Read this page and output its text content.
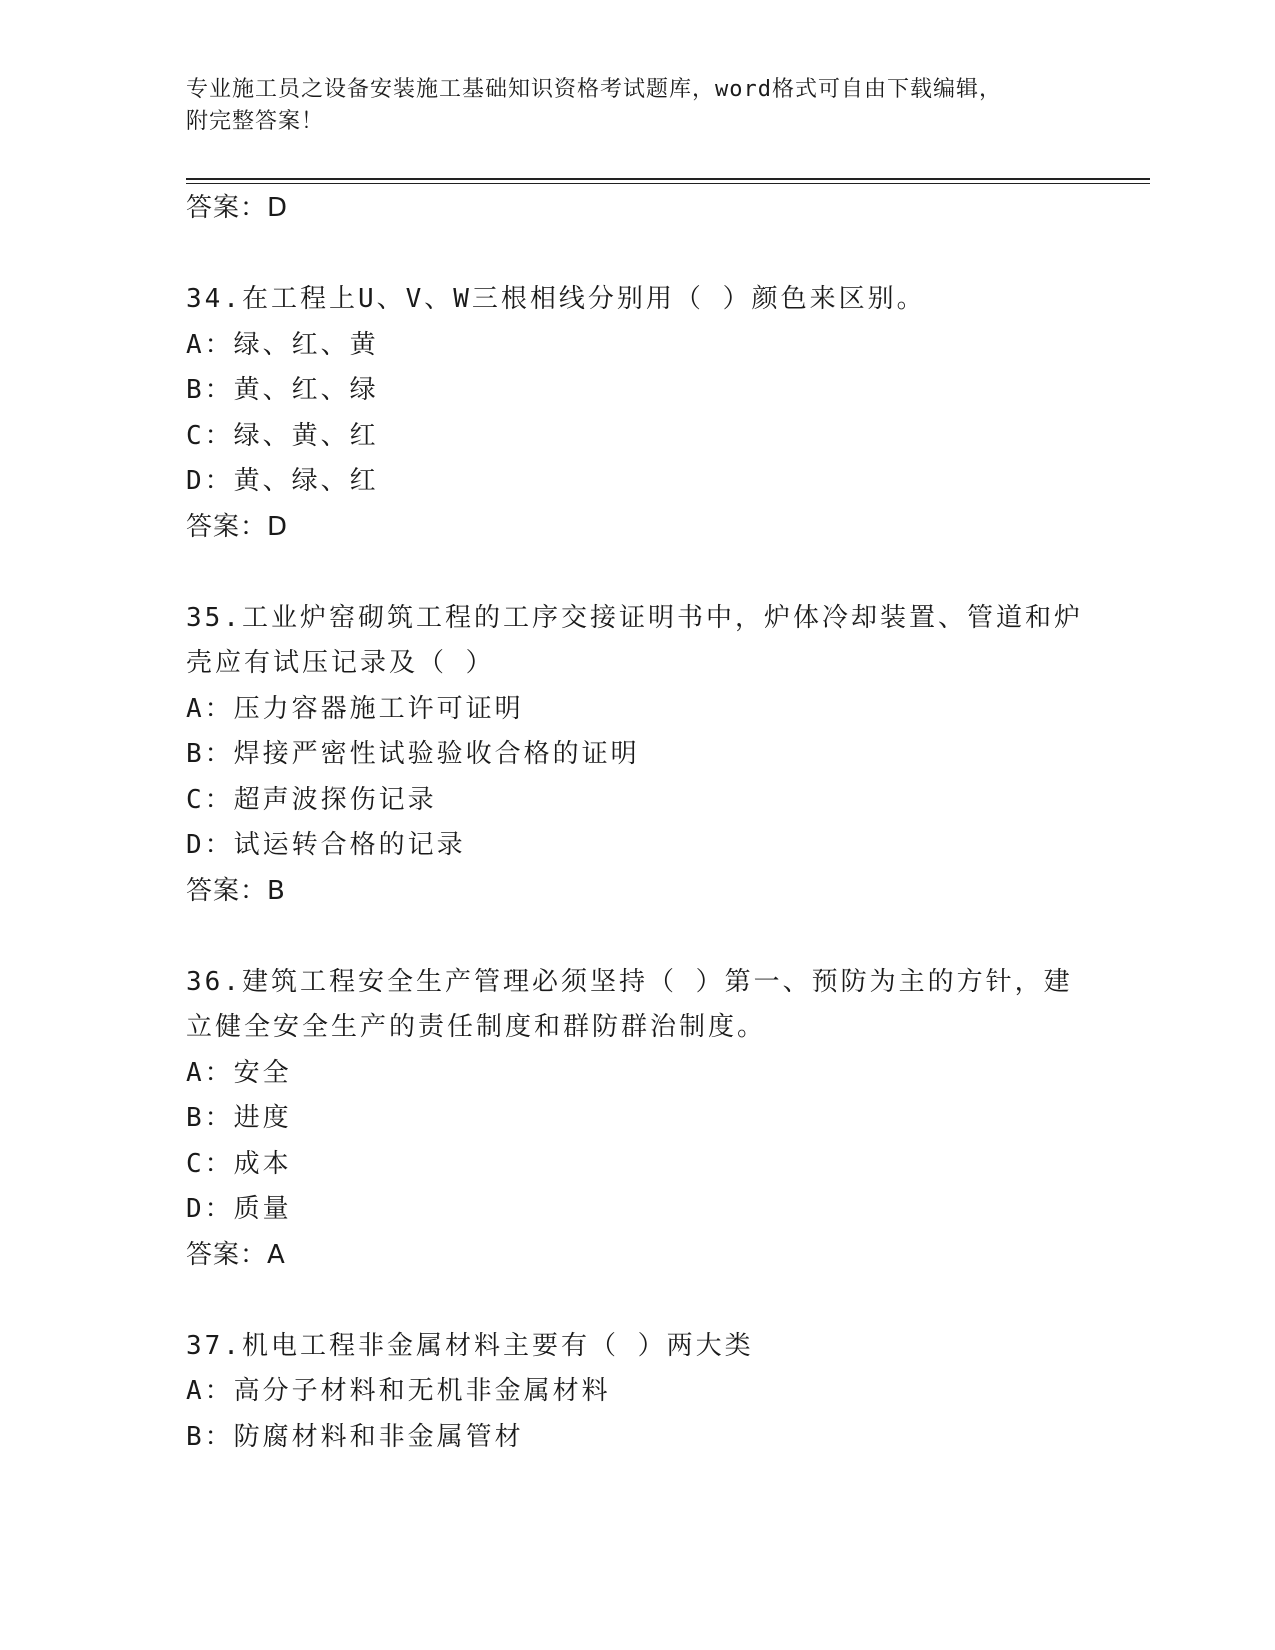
专业施工员之设备安装施工基础知识资格考试题库，word格式可自由下载编辑，
附完整答案！
答案：D
34.在工程上U、V、W三根相线分别用（ ）颜色来区别。
A：绿、红、黄
B：黄、红、绿
C：绿、黄、红
D：黄、绿、红
答案：D
35.工业炉窑砌筑工程的工序交接证明书中，炉体冷却装置、管道和炉
壳应有试压记录及（ ）
A：压力容器施工许可证明
B：焊接严密性试验验收合格的证明
C：超声波探伤记录
D：试运转合格的记录
答案：B
36.建筑工程安全生产管理必须坚持（ ）第一、预防为主的方针，建
立健全安全生产的责任制度和群防群治制度。
A：安全
B：进度
C：成本
D：质量
答案：A
37.机电工程非金属材料主要有（ ）两大类
A：高分子材料和无机非金属材料
B：防腐材料和非金属管材
